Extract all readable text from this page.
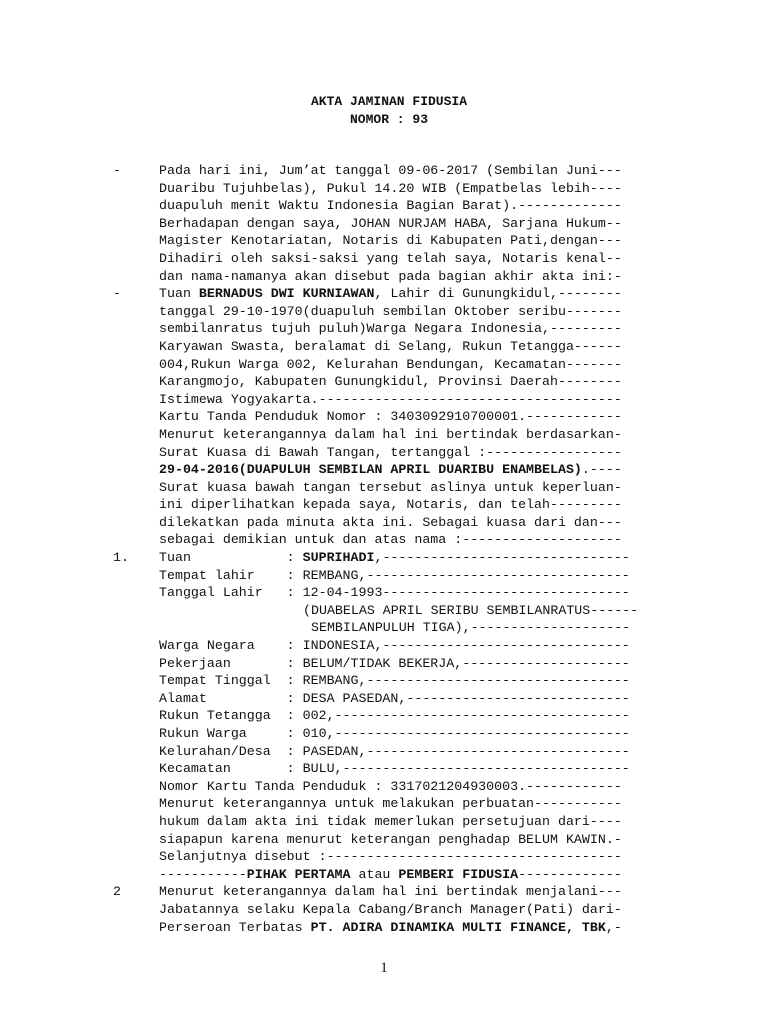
AKTA JAMINAN FIDUSIA
NOMOR : 93
-	Pada hari ini, Jum’at tanggal 09-06-2017 (Sembilan Juni---
Duaribu Tujuhbelas), Pukul 14.20 WIB (Empatbelas lebih----
duapuluh menit Waktu Indonesia Bagian Barat).-------------
Berhadapan dengan saya, JOHAN NURJAM HABA, Sarjana Hukum--
Magister Kenotariatan, Notaris di Kabupaten Pati,dengan---
Dihadiri oleh saksi-saksi yang telah saya, Notaris kenal--
dan nama-namanya akan disebut pada bagian akhir akta ini:-
-	Tuan BERNADUS DWI KURNIAWAN, Lahir di Gunungkidul,--------
tanggal 29-10-1970(duapuluh sembilan Oktober seribu-------
sembilanratus tujuh puluh)Warga Negara Indonesia,---------
Karyawan Swasta, beralamat di Selang, Rukun Tetangga------
004,Rukun Warga 002, Kelurahan Bendungan, Kecamatan-------
Karangmojo, Kabupaten Gunungkidul, Provinsi Daerah--------
Istimewa Yogyakarta.--------------------------------------
Kartu Tanda Penduduk Nomor : 3403092910700001.------------
Menurut keterangannya dalam hal ini bertindak berdasarkan-
Surat Kuasa di Bawah Tangan, tertanggal :-----------------
29-04-2016(DUAPULUH SEMBILAN APRIL DUARIBU ENAMBELAS).----
Surat kuasa bawah tangan tersebut aslinya untuk keperluan-
ini diperlihatkan kepada saya, Notaris, dan telah---------
dilekatkan pada minuta akta ini. Sebagai kuasa dari dan---
sebagai demikian untuk dan atas nama :--------------------
1. Tuan            : SUPRIHADI,-------------------------------
Tempat lahir    : REMBANG,---------------------------------
Tanggal Lahir   : 12-04-1993-------------------------------
(DUABELAS APRIL SERIBU SEMBILANRATUS------
SEMBILANPULUH TIGA),--------------------
Warga Negara    : INDONESIA,-------------------------------
Pekerjaan       : BELUM/TIDAK BEKERJA,---------------------
Tempat Tinggal  : REMBANG,---------------------------------
Alamat          : DESA PASEDAN,----------------------------
Rukun Tetangga  : 002,-------------------------------------
Rukun Warga     : 010,-------------------------------------
Kelurahan/Desa  : PASEDAN,---------------------------------
Kecamatan       : BULU,------------------------------------
Nomor Kartu Tanda Penduduk : 3317021204930003.------------
Menurut keterangannya untuk melakukan perbuatan-----------
hukum dalam akta ini tidak memerlukan persetujuan dari----
siapapun karena menurut keterangan penghadap BELUM KAWIN.-
Selanjutnya disebut :-------------------------------------
-----------PIHAK PERTAMA atau PEMBERI FIDUSIA-------------
2	Menurut keterangannya dalam hal ini bertindak menjalani---
Jabatannya selaku Kepala Cabang/Branch Manager(Pati) dari-
Perseroan Terbatas PT. ADIRA DINAMIKA MULTI FINANCE, TBK,-
1
